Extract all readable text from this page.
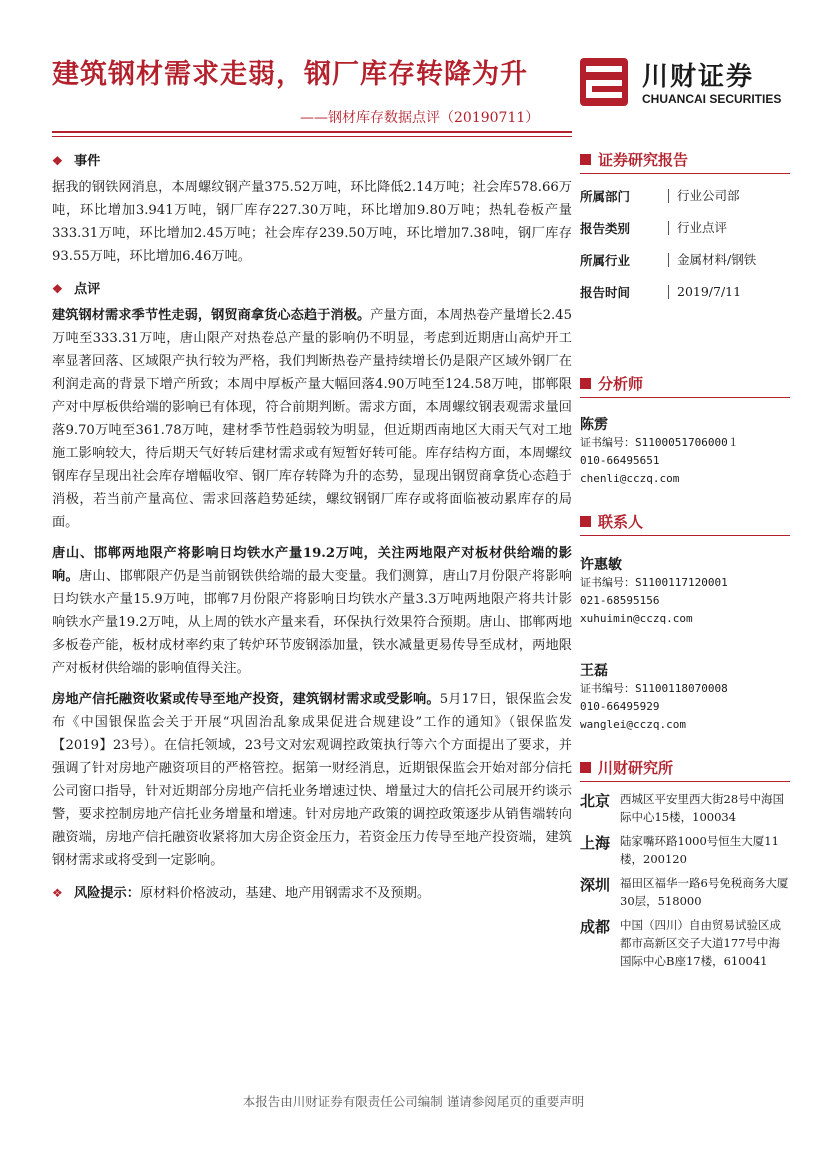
建筑钢材需求走弱，钢厂库存转降为升
——钢材库存数据点评（20190711）
川财证券
CHUANCAI SECURITIES
❖ 事件

据我的钢铁网消息，本周螺纹钢产量375.52万吨，环比降低2.14万吨；社会库578.66万吨，环比增加3.941万吨，钢厂库存227.30万吨，环比增加9.80万吨；热轧卷板产量333.31万吨，环比增加2.45万吨；社会库存239.50万吨，环比增加7.38吨，钢厂库存93.55万吨，环比增加6.46万吨。

❖ 点评

建筑钢材需求季节性走弱，钢贸商拿货心态趋于消极。产量方面，本周热卷产量增长2.45万吨至333.31万吨，唐山限产对热卷总产量的影响仍不明显，考虑到近期唐山高炉开工率显著回落、区域限产执行较为严格，我们判断热卷产量持续增长仍是限产区域外钢厂在利润走高的背景下增产所致；本周中厚板产量大幅回落4.90万吨至124.58万吨，邯郸限产对中厚板供给端的影响已有体现，符合前期判断。需求方面，本周螺纹钢表观需求量回落9.70万吨至361.78万吨，建材季节性趋弱较为明显，但近期西南地区大雨天气对工地施工影响较大，待后期天气好转后建材需求或有短暂好转可能。库存结构方面，本周螺纹钢库存呈现出社会库存增幅收窄、钢厂库存转降为升的态势，显现出钢贸商拿货心态趋于消极，若当前产量高位、需求回落趋势延续，螺纹钢钢厂库存或将面临被动累库存的局面。

唐山、邯郸两地限产将影响日均铁水产量19.2万吨，关注两地限产对板材供给端的影响。唐山、邯郸限产仍是当前钢铁供给端的最大变量。我们测算，唐山7月份限产将影响日均铁水产量15.9万吨，邯郸7月份限产将影响日均铁水产量3.3万吨两地限产将共计影响铁水产量19.2万吨，从上周的铁水产量来看，环保执行效果符合预期。唐山、邯郸两地多板卷产能，板材成材率约束了转炉环节废钢添加量，铁水减量更易传导至成材，两地限产对板材供给端的影响值得关注。

房地产信托融资收紧或传导至地产投资，建筑钢材需求或受影响。5月17日，银保监会发布《中国银保监会关于开展“巩固治乱象成果促进合规建设”工作的通知》（银保监发【2019】23号）。在信托领域，23号文对宏观调控政策执行等六个方面提出了要求，并强调了针对房地产融资项目的严格管控。据第一财经消息，近期银保监会开始对部分信托公司窗口指导，针对近期部分房地产信托业务增速过快、增量过大的信托公司展开约谈示警，要求控制房地产信托业务增量和增速。针对房地产政策的调控政策逐步从销售端转向融资端，房地产信托融资收紧将加大房企资金压力，若资金压力传导至地产投资端，建筑钢材需求或将受到一定影响。

❖ 风险提示： 原材料价格波动，基建、地产用钢需求不及预期。
证券研究报告
所属部门	行业公司部
报告类别	行业点评
所属行业	金属材料/钢铁
报告时间	2019/7/11
分析师
陈雳
证书编号：S1100051706000１
010-66495651
chenli@cczq.com
联系人
许惠敏
证书编号：S1100117120001
021-68595156
xuhuimin@cczq.com
王磊
证书编号：S1100118070008
010-66495929
wanglei@cczq.com
川财研究所
北京 西城区平安里西大街28号中海国际中心15楼，100034
上海 陆家嘴环路1000号恒生大厦11楼，200120
深圳 福田区福华一路6号免税商务大厦30层，518000
成都 中国（四川）自由贸易试验区成都市高新区交子大道177号中海国际中心B座17楼，610041
本报告由川财证券有限责任公司编制 谨请参阅尾页的重要声明
